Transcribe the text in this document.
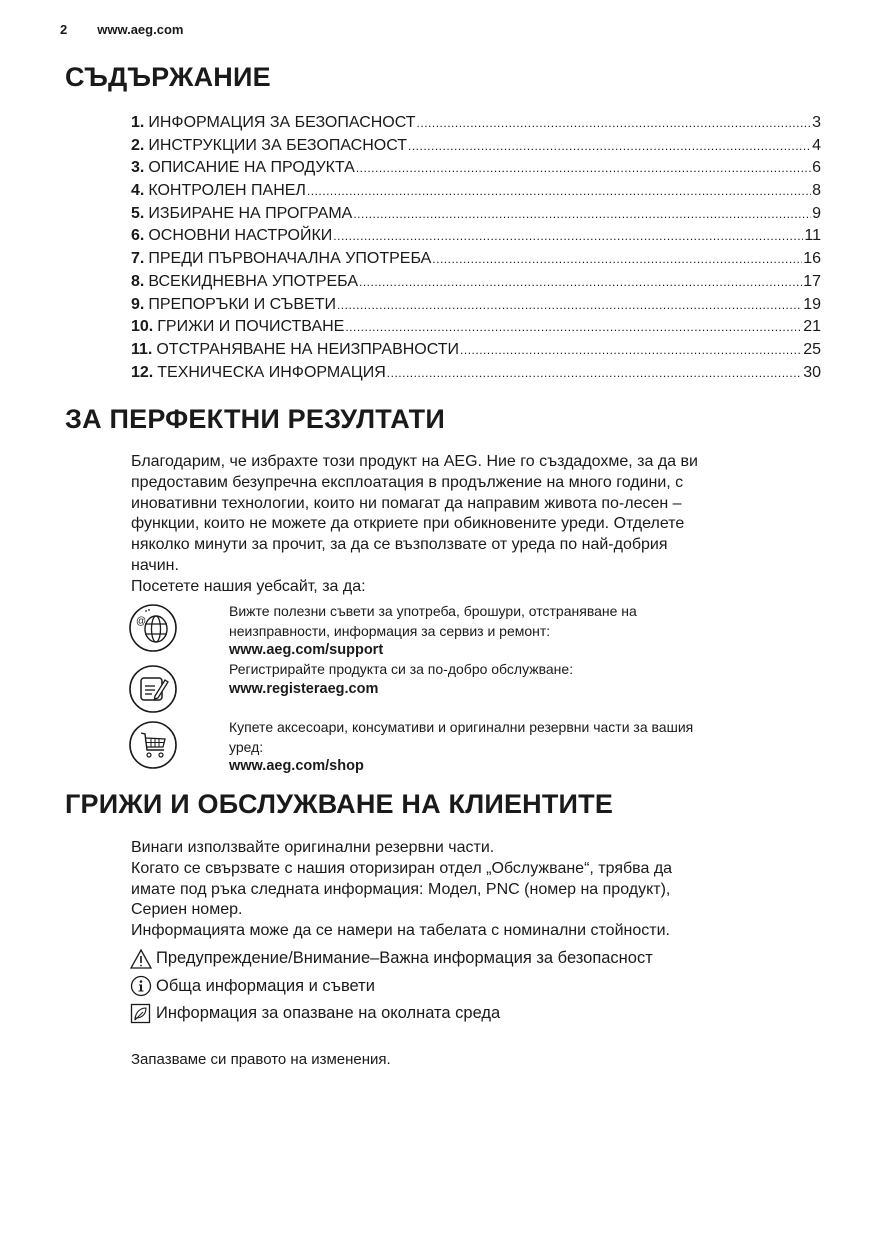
2 www.aeg.com
СЪДЪРЖАНИЕ
1. ИНФОРМАЦИЯ ЗА БЕЗОПАСНОСТ .....	3
2. ИНСТРУКЦИИ ЗА БЕЗОПАСНОСТ .....	4
3. ОПИСАНИЕ НА ПРОДУКТА .....	6
4. КОНТРОЛЕН ПАНЕЛ .....	8
5. ИЗБИРАНЕ НА ПРОГРАМА .....	9
6. ОСНОВНИ НАСТРОЙКИ .....	11
7. ПРЕДИ ПЪРВОНАЧАЛНА УПОТРЕБА .....	16
8. ВСЕКИДНЕВНА УПОТРЕБА .....	17
9. ПРЕПОРЪКИ И СЪВЕТИ .....	19
10. ГРИЖИ И ПОЧИСТВАНЕ .....	21
11. ОТСТРАНЯВАНЕ НА НЕИЗПРАВНОСТИ .....	25
12. ТЕХНИЧЕСКА ИНФОРМАЦИЯ .....	30
ЗА ПЕРФЕКТНИ РЕЗУЛТАТИ
Благодарим, че избрахте този продукт на AEG. Ние го създадохме, за да ви
предоставим безупречна експлоатация в продължение на много години, с
иновативни технологии, които ни помагат да направим живота по-лесен –
функции, които не можете да откриете при обикновените уреди. Отделете
няколко минути за прочит, за да се възползвате от уреда по най-добрия
начин.
Посетете нашия уебсайт, за да:
@
Вижте полезни съвети за употреба, брошури, отстраняване на
неизправности, информация за сервиз и ремонт:
www.aeg.com/support
Регистрирайте продукта си за по-добро обслужване:
www.registeraeg.com
Купете аксесоари, консумативи и оригинални резервни части за вашия
уред:
www.aeg.com/shop
ГРИЖИ И ОБСЛУЖВАНЕ НА КЛИЕНТИТЕ
Винаги използвайте оригинални резервни части.
Когато се свързвате с нашия оторизиран отдел „Обслужване“, трябва да
имате под ръка следната информация: Модел, PNC (номер на продукт),
Сериен номер.
Информацията може да се намери на табелата с номинални стойности.
Предупреждение/Внимание–Важна информация за безопасност
Обща информация и съвети
Информация за опазване на околната среда
Запазваме си правото на изменения.
